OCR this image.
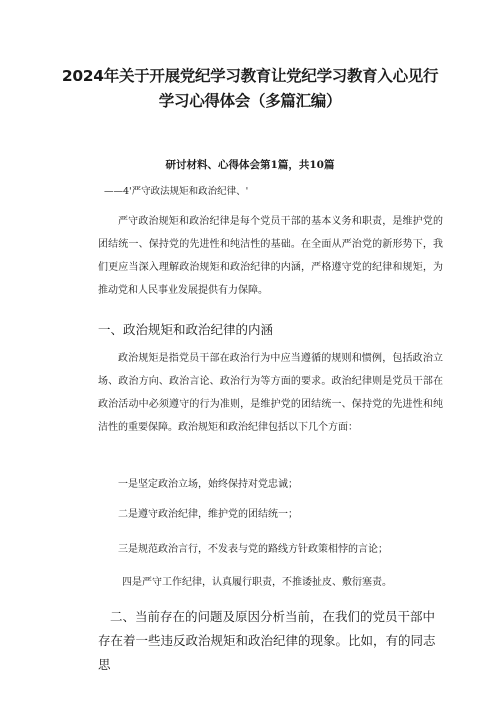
2024年关于开展党纪学习教育让党纪学习教育入心见行学习心得体会（多篇汇编）

研讨材料、心得体会第1篇，共10篇

——4'严守政法规矩和政治纪律、'

严守政治规矩和政治纪律是每个党员干部的基本义务和职责，是维护党的团结统一、保持党的先进性和纯洁性的基础。在全面从严治党的新形势下，我们更应当深入理解政治规矩和政治纪律的内涵，严格遵守党的纪律和规矩，为推动党和人民事业发展提供有力保障。

一、政治规矩和政治纪律的内涵

政治规矩是指党员干部在政治行为中应当遵循的规则和惯例，包括政治立场、政治方向、政治言论、政治行为等方面的要求。政治纪律则是党员干部在政治活动中必须遵守的行为准则，是维护党的团结统一、保持党的先进性和纯洁性的重要保障。政治规矩和政治纪律包括以下几个方面：

一是坚定政治立场，始终保持对党忠诚；

二是遵守政治纪律，维护党的团结统一；

三是规范政治言行，不发表与党的路线方针政策相悖的言论；

四是严守工作纪律，认真履行职责，不推诿扯皮、敷衍塞责。

二、当前存在的问题及原因分析当前，在我们的党员干部中存在着一些违反政治规矩和政治纪律的现象。比如，有的同志思
